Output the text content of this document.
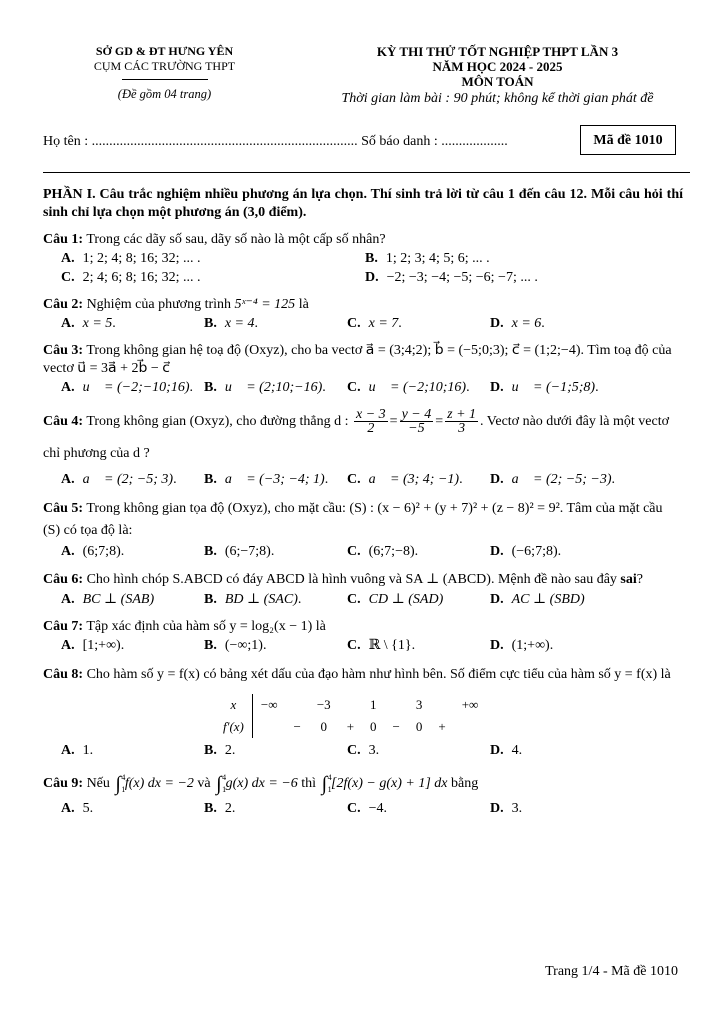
SỞ GD & ĐT HƯNG YÊN
CỤM CÁC TRƯỜNG THPT
(Đề gồm 04 trang)
KỲ THI THỬ TỐT NGHIỆP THPT LẦN 3
NĂM HỌC 2024 - 2025
MÔN TOÁN
Thời gian làm bài : 90 phút; không kể thời gian phát đề
Họ tên : ............................................................................ Số báo danh : ...................	Mã đề 1010
PHẦN I. Câu trắc nghiệm nhiều phương án lựa chọn. Thí sinh trả lời từ câu 1 đến câu 12. Mỗi câu hỏi thí sinh chỉ lựa chọn một phương án (3,0 điểm).
Câu 1: Trong các dãy số sau, dãy số nào là một cấp số nhân?
A. 1; 2; 4; 8; 16; 32; ... .	B. 1; 2; 3; 4; 5; 6; ... .
C. 2; 4; 6; 8; 16; 32; ... .	D. −2; −3; −4; −5; −6; −7; ... .
Câu 2: Nghiệm của phương trình 5ˣ⁻⁴ = 125 là
A. x = 5.	B. x = 4.	C. x = 7.	D. x = 6.
Câu 3: Trong không gian hệ toạ độ (Oxyz), cho ba vectơ a⃗ = (3;4;2); b⃗ = (−5;0;3); c⃗ = (1;2;−4). Tìm toạ độ của vectơ u⃗ = 3a⃗ + 2b⃗ − c⃗
A. u⃗ = (−2;−10;16). B. u⃗ = (2;10;−16).	C. u⃗ = (−2;10;16).	D. u⃗ = (−1;5;8).
Câu 4: Trong không gian (Oxyz), cho đường thẳng d : $\frac{x - 3}{2} = \frac{y - 4}{-5} = \frac{z + 1}{3}$ . Vectơ nào dưới đây là một vectơ chỉ phương của d ?
A. a⃗ = (2; −5; 3).	B. a⃗ = (−3; −4; 1).	C. a⃗ = (3; 4; −1).	D. a⃗ = (2; −5; −3).
Câu 5: Trong không gian tọa độ (Oxyz), cho mặt cầu: (S) : (x − 6)² + (y + 7)² + (z − 8)² = 9². Tâm của mặt cầu (S) có tọa độ là:
A. (6;7;8).	B. (6;−7;8).	C. (6;7;−8).	D. (−6;7;8).
Câu 6: Cho hình chóp S.ABCD có đáy ABCD là hình vuông và SA ⊥ (ABCD). Mệnh đề nào sau đây sai?
A. BC ⊥ (SAB)	B. BD ⊥ (SAC).	C. CD ⊥ (SAD)	D. AC ⊥ (SBD)
Câu 7: Tập xác định của hàm số y = log₂(x − 1) là
A. [1;+∞).	B. (−∞;1).	C. ℝ \ {1}.	D. (1;+∞).
Câu 8: Cho hàm số y = f(x) có bảng xét dấu của đạo hàm như hình bên. Số điểm cực tiểu của hàm số y = f(x) là
x	−∞		−3		1		3		+∞
f′(x)		−	0	+	0	−	0	+	
A. 1.	B. 2.	C. 3.	D. 4.
Câu 9: Nếu ∫ 4
1 f(x) dx = −2 và ∫ 4
1 g(x) dx = −6 thì ∫ 4
1 [2f(x) − g(x) + 1] dx bằng
A. 5.	B. 2.	C. −4.	D. 3.
Trang 1/4 - Mã đề 1010
